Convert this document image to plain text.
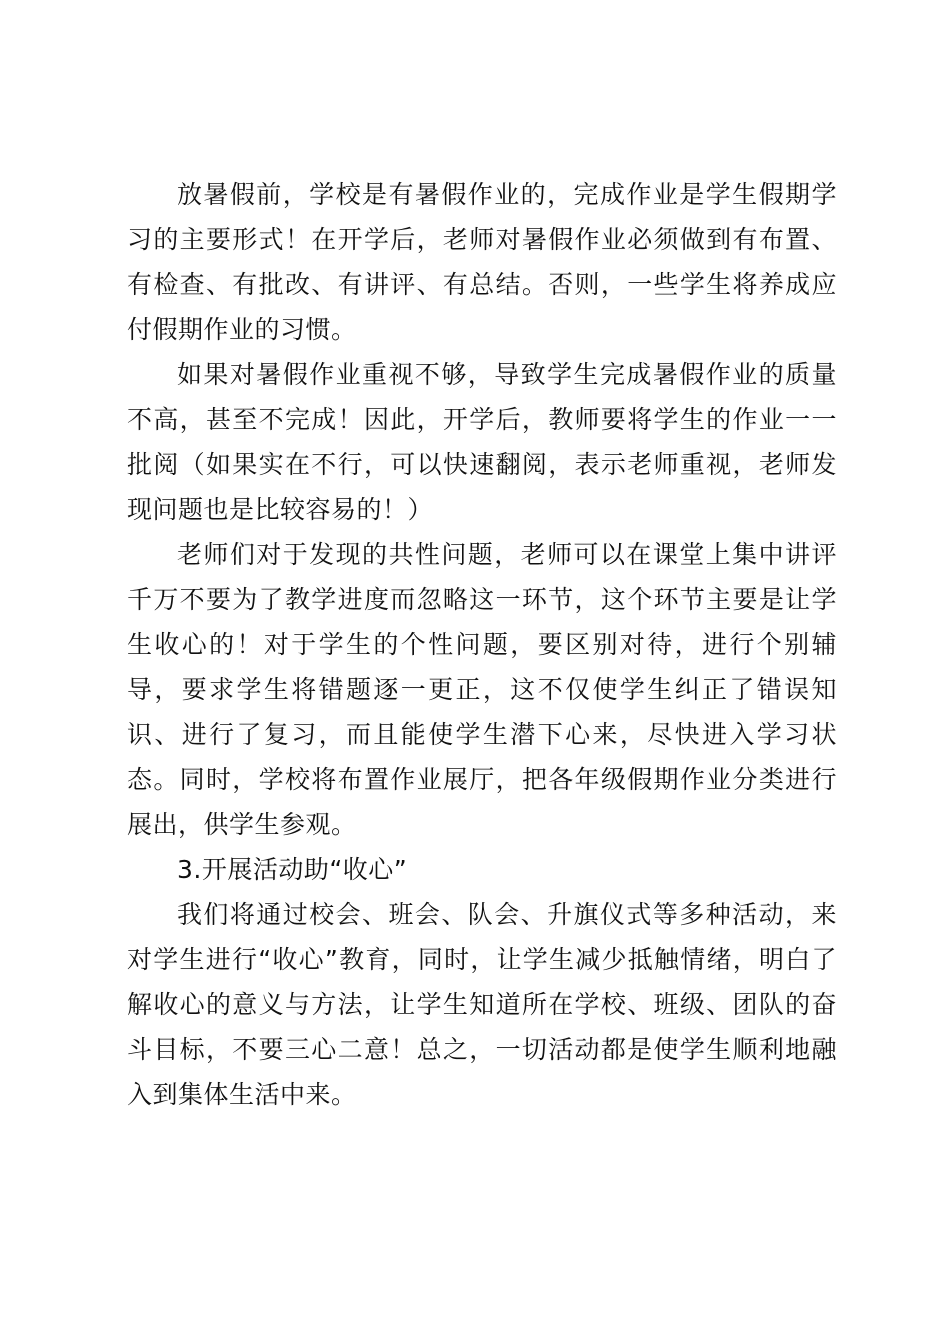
放暑假前，学校是有暑假作业的，完成作业是学生假期学习的主要形式！在开学后，老师对暑假作业必须做到有布置、有检查、有批改、有讲评、有总结。否则，一些学生将养成应付假期作业的习惯。

如果对暑假作业重视不够，导致学生完成暑假作业的质量不高，甚至不完成！因此，开学后，教师要将学生的作业一一批阅（如果实在不行，可以快速翻阅，表示老师重视，老师发现问题也是比较容易的！）

老师们对于发现的共性问题，老师可以在课堂上集中讲评千万不要为了教学进度而忽略这一环节，这个环节主要是让学生收心的！对于学生的个性问题，要区别对待，进行个别辅导，要求学生将错题逐一更正，这不仅使学生纠正了错误知识、进行了复习，而且能使学生潜下心来，尽快进入学习状态。同时，学校将布置作业展厅，把各年级假期作业分类进行展出，供学生参观。

3.开展活动助“收心”

我们将通过校会、班会、队会、升旗仪式等多种活动，来对学生进行“收心”教育，同时，让学生减少抵触情绪，明白了解收心的意义与方法，让学生知道所在学校、班级、团队的奋斗目标，不要三心二意！总之，一切活动都是使学生顺利地融入到集体生活中来。
